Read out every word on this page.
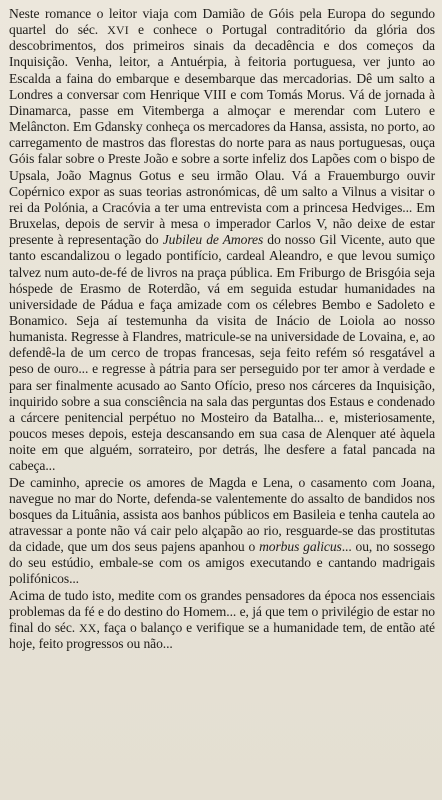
Neste romance o leitor viaja com Damião de Góis pela Europa do segundo quartel do séc. XVI e conhece o Portugal contraditório da glória dos descobrimentos, dos primeiros sinais da decadência e dos começos da Inquisição. Venha, leitor, a Antuérpia, à feitoria portuguesa, ver junto ao Escalda a faina do embarque e desembarque das mercadorias. Dê um salto a Londres a conversar com Henrique VIII e com Tomás Morus. Vá de jornada à Dinamarca, passe em Vitemberga a almoçar e merendar com Lutero e Melâncton. Em Gdansky conheça os mercadores da Hansa, assista, no porto, ao carregamento de mastros das florestas do norte para as naus portuguesas, ouça Góis falar sobre o Preste João e sobre a sorte infeliz dos Lapões com o bispo de Upsala, João Magnus Gotus e seu irmão Olau. Vá a Frauemburgo ouvir Copérnico expor as suas teorias astronómicas, dê um salto a Vilnus a visitar o rei da Polónia, a Cracóvia a ter uma entrevista com a princesa Hedviges... Em Bruxelas, depois de servir à mesa o imperador Carlos V, não deixe de estar presente à representação do Jubileu de Amores do nosso Gil Vicente, auto que tanto escandalizou o legado pontifício, cardeal Aleandro, e que levou sumiço talvez num auto-de-fé de livros na praça pública. Em Friburgo de Brisgóia seja hóspede de Erasmo de Roterdão, vá em seguida estudar humanidades na universidade de Pádua e faça amizade com os célebres Bembo e Sadoleto e Bonamico. Seja aí testemunha da visita de Inácio de Loiola ao nosso humanista. Regresse à Flandres, matricule-se na universidade de Lovaina, e, ao defendê-la de um cerco de tropas francesas, seja feito refém só resgatável a peso de ouro... e regresse à pátria para ser perseguido por ter amor à verdade e para ser finalmente acusado ao Santo Ofício, preso nos cárceres da Inquisição, inquirido sobre a sua consciência na sala das perguntas dos Estaus e condenado a cárcere penitencial perpétuo no Mosteiro da Batalha... e, misteriosamente, poucos meses depois, esteja descansando em sua casa de Alenquer até àquela noite em que alguém, sorrateiro, por detrás, lhe desfere a fatal pancada na cabeça...

De caminho, aprecie os amores de Magda e Lena, o casamento com Joana, navegue no mar do Norte, defenda-se valentemente do assalto de bandidos nos bosques da Lituânia, assista aos banhos públicos em Basileia e tenha cautela ao atravessar a ponte não vá cair pelo alçapão ao rio, resguarde-se das prostitutas da cidade, que um dos seus pajens apanhou o morbus galicus... ou, no sossego do seu estúdio, embale-se com os amigos executando e cantando madrigais polifónicos...

Acima de tudo isto, medite com os grandes pensadores da época nos essenciais problemas da fé e do destino do Homem... e, já que tem o privilégio de estar no final do séc. XX, faça o balanço e verifique se a humanidade tem, de então até hoje, feito progressos ou não...
